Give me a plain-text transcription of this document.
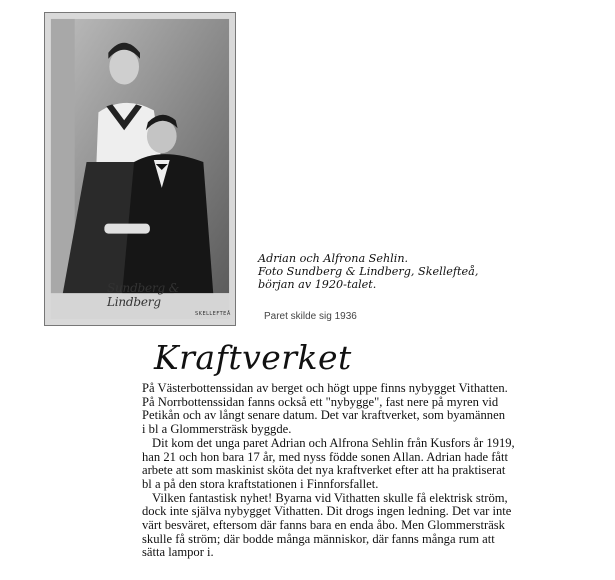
Sundberg & Lindberg
SKELLEFTEÅ
Adrian och Alfrona Sehlin.
Foto Sundberg & Lindberg, Skellefteå,
början av 1920-talet.
Paret skilde sig 1936
Kraftverket
På Västerbottenssidan av berget och högt uppe finns nybygget Vithatten.
På Norrbottenssidan fanns också ett "nybygge", fast nere på myren vid
Petikån och av långt senare datum. Det var kraftverket, som byamännen
i bl a Glommersträsk byggde.
Dit kom det unga paret Adrian och Alfrona Sehlin från Kusfors år 1919,
han 21 och hon bara 17 år, med nyss födde sonen Allan. Adrian hade fått
arbete att som maskinist sköta det nya kraftverket efter att ha praktiserat
bl a på den stora kraftstationen i Finnforsfallet.
Vilken fantastisk nyhet! Byarna vid Vithatten skulle få elektrisk ström,
dock inte själva nybygget Vithatten. Dit drogs ingen ledning. Det var inte
värt besväret, eftersom där fanns bara en enda åbo. Men Glommersträsk
skulle få ström; där bodde många människor, där fanns många rum att
sätta lampor i.
